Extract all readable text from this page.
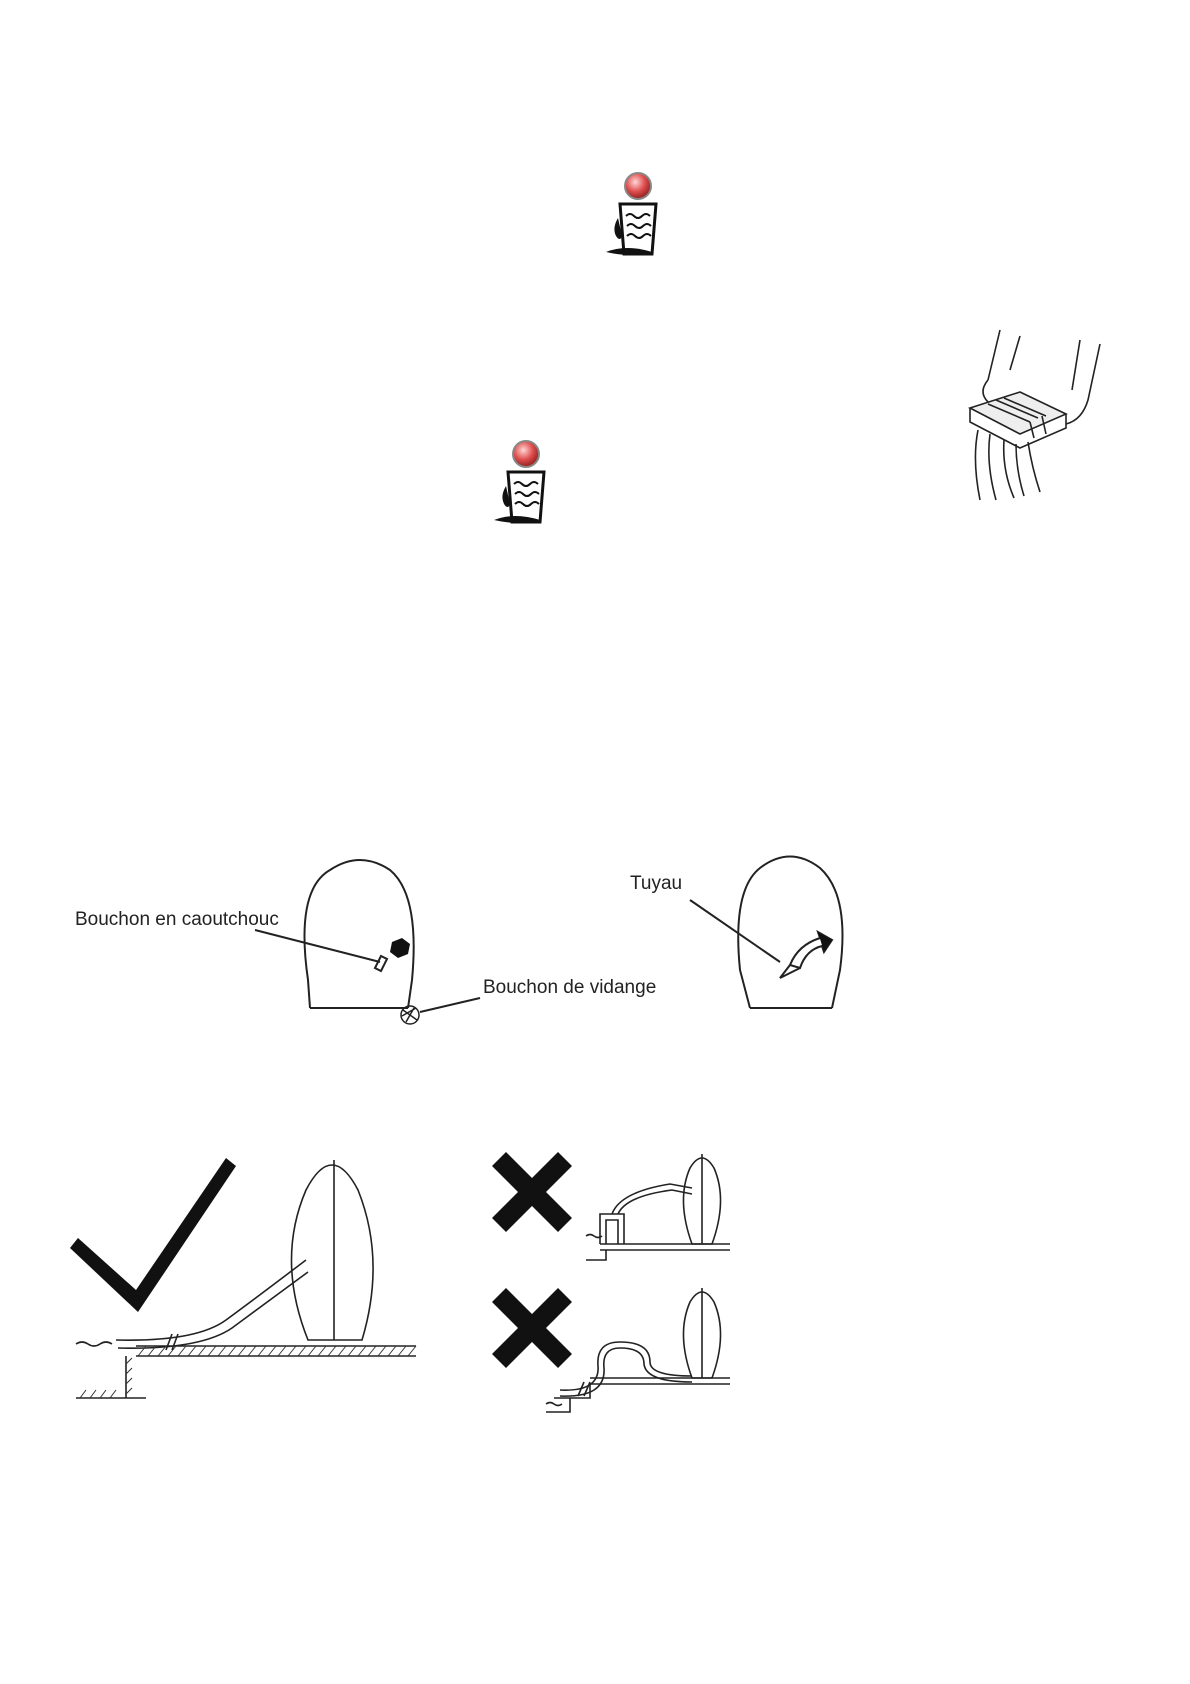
Bouchon en caoutchouc
Bouchon de vidange
Tuyau
